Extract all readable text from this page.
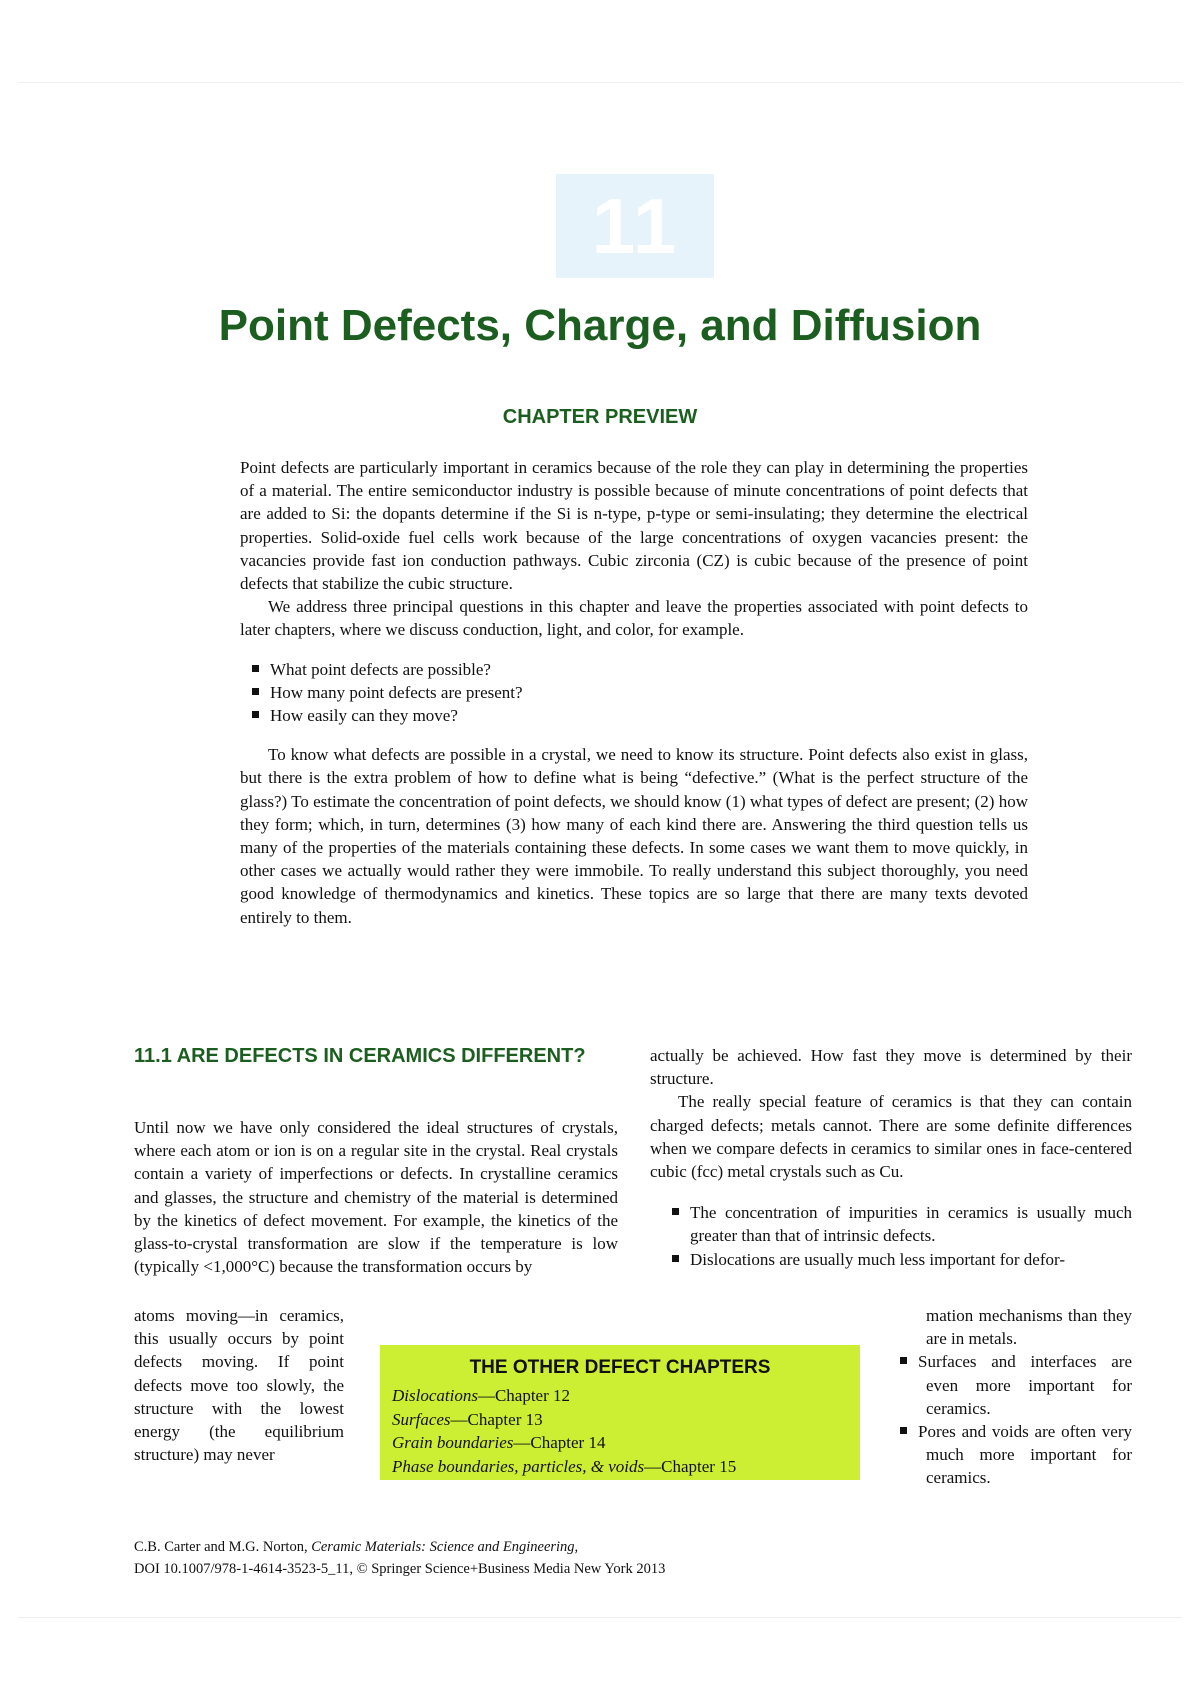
11
Point Defects, Charge, and Diffusion
CHAPTER PREVIEW

Point defects are particularly important in ceramics because of the role they can play in determining the properties of a material. The entire semiconductor industry is possible because of minute concentrations of point defects that are added to Si: the dopants determine if the Si is n-type, p-type or semi-insulating; they determine the electrical properties. Solid-oxide fuel cells work because of the large concentrations of oxygen vacancies present: the vacancies provide fast ion conduction pathways. Cubic zirconia (CZ) is cubic because of the presence of point defects that stabilize the cubic structure.

We address three principal questions in this chapter and leave the properties associated with point defects to later chapters, where we discuss conduction, light, and color, for example.

What point defects are possible?
How many point defects are present?
How easily can they move?

To know what defects are possible in a crystal, we need to know its structure. Point defects also exist in glass, but there is the extra problem of how to define what is being “defective.” (What is the perfect structure of the glass?) To estimate the concentration of point defects, we should know (1) what types of defect are present; (2) how they form; which, in turn, determines (3) how many of each kind there are. Answering the third question tells us many of the properties of the materials containing these defects. In some cases we want them to move quickly, in other cases we actually would rather they were immobile. To really understand this subject thoroughly, you need good knowledge of thermodynamics and kinetics. These topics are so large that there are many texts devoted entirely to them.

11.1 ARE DEFECTS IN CERAMICS DIFFERENT?

Until now we have only considered the ideal structures of crystals, where each atom or ion is on a regular site in the crystal. Real crystals contain a variety of imperfections or defects. In crystalline ceramics and glasses, the structure and chemistry of the material is determined by the kinetics of defect movement. For example, the kinetics of the glass-to-crystal transformation are slow if the temperature is low (typically <1,000°C) because the transformation occurs by

atoms moving—in ceramics, this usually occurs by point defects moving. If point defects move too slowly, the structure with the lowest energy (the equilibrium structure) may never

actually be achieved. How fast they move is determined by their structure.

The really special feature of ceramics is that they can contain charged defects; metals cannot. There are some definite differences when we compare defects in ceramics to similar ones in face-centered cubic (fcc) metal crystals such as Cu.

The concentration of impurities in ceramics is usually much greater than that of intrinsic defects.
Dislocations are usually much less important for defor-
mation mechanisms than they are in metals.
Surfaces and interfaces are even more important for ceramics.
Pores and voids are often very much more important for ceramics.
THE OTHER DEFECT CHAPTERS

Dislocations—Chapter 12

Surfaces—Chapter 13

Grain boundaries—Chapter 14

Phase boundaries, particles, & voids—Chapter 15

C.B. Carter and M.G. Norton, Ceramic Materials: Science and Engineering,

DOI 10.1007/978-1-4614-3523-5_11, © Springer Science+Business Media New York 2013
